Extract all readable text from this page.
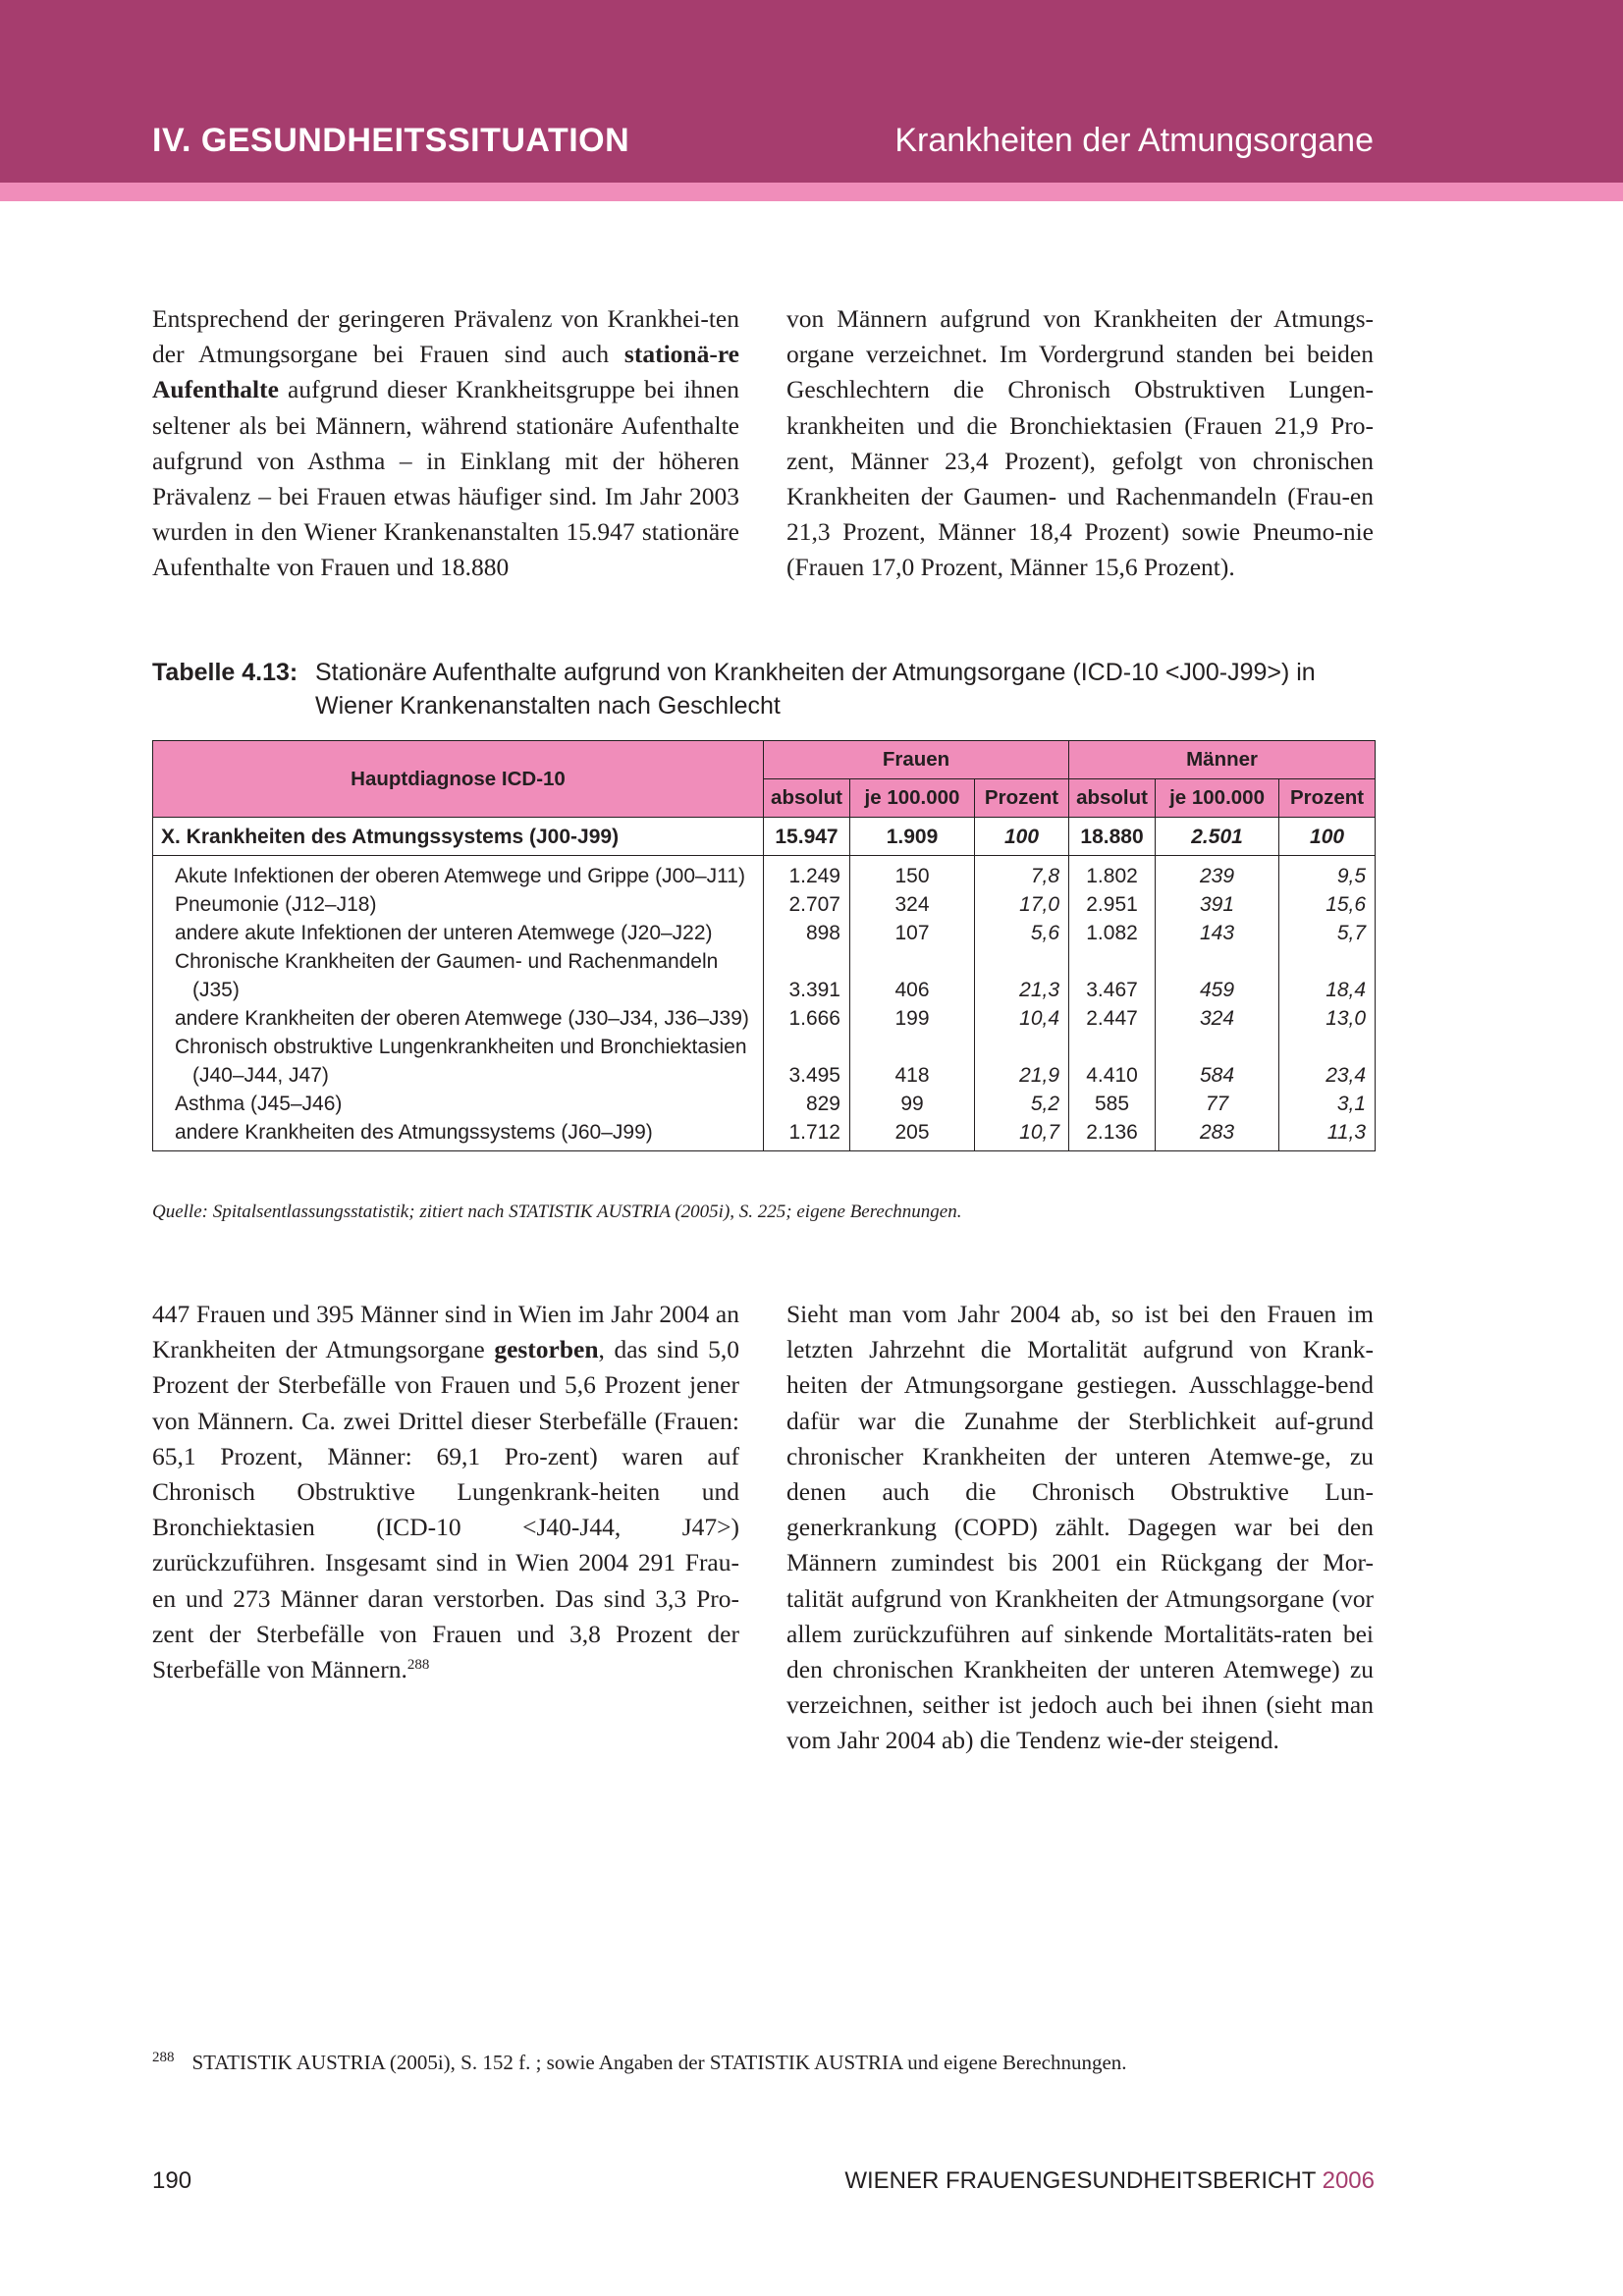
IV. GESUNDHEITSSITUATION	Krankheiten der Atmungsorgane

Entsprechend der geringeren Prävalenz von Krankhei-ten der Atmungsorgane bei Frauen sind auch stationä-re Aufenthalte aufgrund dieser Krankheitsgruppe bei ihnen seltener als bei Männern, während stationäre Aufenthalte aufgrund von Asthma – in Einklang mit der höheren Prävalenz – bei Frauen etwas häufiger sind. Im Jahr 2003 wurden in den Wiener Krankenanstalten 15.947 stationäre Aufenthalte von Frauen und 18.880

von Männern aufgrund von Krankheiten der Atmungs-organe verzeichnet. Im Vordergrund standen bei beiden Geschlechtern die Chronisch Obstruktiven Lungen-krankheiten und die Bronchiektasien (Frauen 21,9 Pro-zent, Männer 23,4 Prozent), gefolgt von chronischen Krankheiten der Gaumen- und Rachenmandeln (Frau-en 21,3 Prozent, Männer 18,4 Prozent) sowie Pneumo-nie (Frauen 17,0 Prozent, Männer 15,6 Prozent).

Tabelle 4.13: Stationäre Aufenthalte aufgrund von Krankheiten der Atmungsorgane (ICD-10 <J00-J99>) in Wiener Krankenanstalten nach Geschlecht
Hauptdiagnose ICD-10	Frauen			Männer		
	absolut	je 100.000	Prozent	absolut	je 100.000	Prozent
X. Krankheiten des Atmungssystems (J00-J99)	15.947	1.909	100	18.880	2.501	100
Akute Infektionen der oberen Atemwege und Grippe (J00–J11)	1.249	150	7,8	1.802	239	9,5
Pneumonie (J12–J18)	2.707	324	17,0	2.951	391	15,6
andere akute Infektionen der unteren Atemwege (J20–J22)	898	107	5,6	1.082	143	5,7
Chronische Krankheiten der Gaumen- und Rachenmandeln
(J35)	3.391	406	21,3	3.467	459	18,4
andere Krankheiten der oberen Atemwege (J30–J34, J36–J39)	1.666	199	10,4	2.447	324	13,0
Chronisch obstruktive Lungenkrankheiten und Bronchiektasien
(J40–J44, J47)	3.495	418	21,9	4.410	584	23,4
Asthma (J45–J46)	829	99	5,2	585	77	3,1
andere Krankheiten des Atmungssystems (J60–J99)	1.712	205	10,7	2.136	283	11,3
Quelle: Spitalsentlassungsstatistik; zitiert nach STATISTIK AUSTRIA (2005i), S. 225; eigene Berechnungen.

447 Frauen und 395 Männer sind in Wien im Jahr 2004 an Krankheiten der Atmungsorgane gestorben, das sind 5,0 Prozent der Sterbefälle von Frauen und 5,6 Prozent jener von Männern. Ca. zwei Drittel dieser Sterbefälle (Frauen: 65,1 Prozent, Männer: 69,1 Pro-zent) waren auf Chronisch Obstruktive Lungenkrank-heiten und Bronchiektasien (ICD-10 <J40-J44, J47>) zurückzuführen. Insgesamt sind in Wien 2004 291 Frau-en und 273 Männer daran verstorben. Das sind 3,3 Pro-zent der Sterbefälle von Frauen und 3,8 Prozent der Sterbefälle von Männern.$^{288}$

Sieht man vom Jahr 2004 ab, so ist bei den Frauen im letzten Jahrzehnt die Mortalität aufgrund von Krank-heiten der Atmungsorgane gestiegen. Ausschlagge-bend dafür war die Zunahme der Sterblichkeit auf-grund chronischer Krankheiten der unteren Atemwe-ge, zu denen auch die Chronisch Obstruktive Lun-generkrankung (COPD) zählt. Dagegen war bei den Männern zumindest bis 2001 ein Rückgang der Mor-talität aufgrund von Krankheiten der Atmungsorgane (vor allem zurückzuführen auf sinkende Mortalitäts-raten bei den chronischen Krankheiten der unteren Atemwege) zu verzeichnen, seither ist jedoch auch bei ihnen (sieht man vom Jahr 2004 ab) die Tendenz wie-der steigend.

$^{288}$ STATISTIK AUSTRIA (2005i), S. 152 f. ; sowie Angaben der STATISTIK AUSTRIA und eigene Berechnungen.
190	WIENER FRAUENGESUNDHEITSBERICHT 2006
